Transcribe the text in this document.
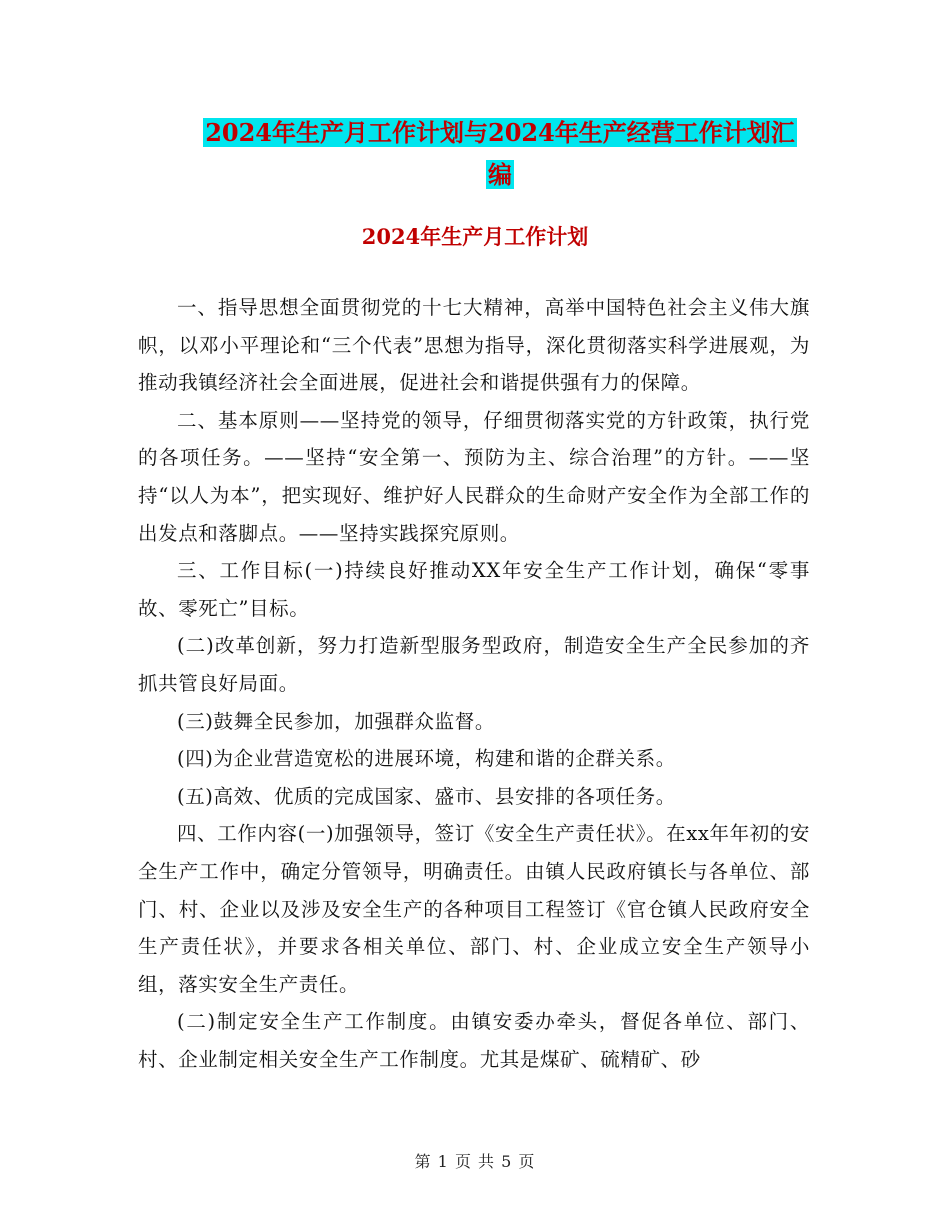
2024年生产月工作计划与2024年生产经营工作计划汇
编
2024年生产月工作计划

一、指导思想全面贯彻党的十七大精神，高举中国特色社会主义伟大旗帜，以邓小平理论和“三个代表”思想为指导，深化贯彻落实科学进展观，为推动我镇经济社会全面进展，促进社会和谐提供强有力的保障。

二、基本原则——坚持党的领导，仔细贯彻落实党的方针政策，执行党的各项任务。——坚持“安全第一、预防为主、综合治理”的方针。——坚持“以人为本”，把实现好、维护好人民群众的生命财产安全作为全部工作的出发点和落脚点。——坚持实践探究原则。

三、工作目标(一)持续良好推动XX年安全生产工作计划，确保“零事故、零死亡”目标。

(二)改革创新，努力打造新型服务型政府，制造安全生产全民参加的齐抓共管良好局面。

(三)鼓舞全民参加，加强群众监督。

(四)为企业营造宽松的进展环境，构建和谐的企群关系。

(五)高效、优质的完成国家、盛市、县安排的各项任务。

四、工作内容(一)加强领导，签订《安全生产责任状》。在xx年年初的安全生产工作中，确定分管领导，明确责任。由镇人民政府镇长与各单位、部门、村、企业以及涉及安全生产的各种项目工程签订《官仓镇人民政府安全生产责任状》，并要求各相关单位、部门、村、企业成立安全生产领导小组，落实安全生产责任。

(二)制定安全生产工作制度。由镇安委办牵头，督促各单位、部门、村、企业制定相关安全生产工作制度。尤其是煤矿、硫精矿、砂

第 1 页 共 5 页
